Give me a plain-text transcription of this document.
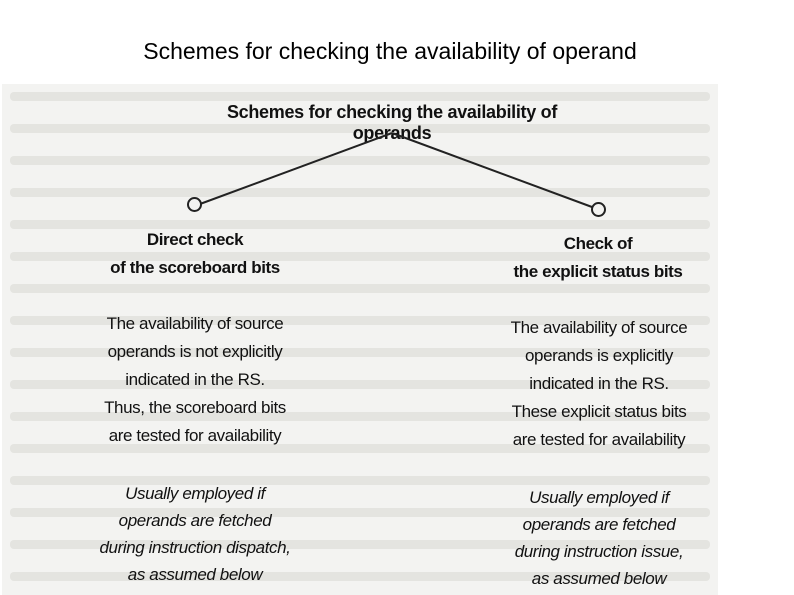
Schemes for checking the availability of operand
Schemes for checking the availability of operands
Direct check
of the scoreboard bits
The availability of source
operands is not explicitly
indicated in the RS.
Thus, the scoreboard bits
are tested for availability
Usually employed if
operands are fetched
during instruction dispatch,
as assumed below
Check of
the explicit status bits
The availability of source
operands is explicitly
indicated in the RS.
These explicit status bits
are tested for availability
Usually employed if
operands are fetched
during instruction issue,
as assumed below
